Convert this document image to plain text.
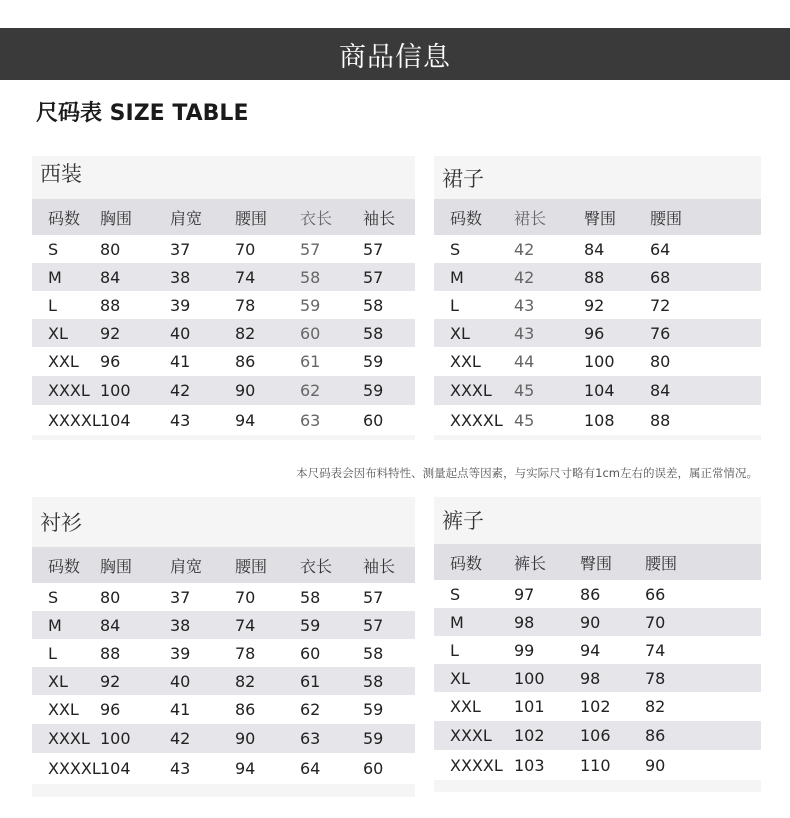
商品信息
尺码表 SIZE TABLE
西装
码数	胸围	肩宽	腰围	衣长	袖长
S	80	37	70	57	57
M	84	38	74	58	57
L	88	39	78	59	58
XL	92	40	82	60	58
XXL	96	41	86	61	59
XXXL	100	42	90	62	59
XXXXL	104	43	94	63	60
裙子
码数	裙长	臀围	腰围
S	42	84	64
M	42	88	68
L	43	92	72
XL	43	96	76
XXL	44	100	80
XXXL	45	104	84
XXXXL	45	108	88
本尺码表会因布料特性、测量起点等因素，与实际尺寸略有1cm左右的误差，属正常情况。
衬衫
码数	胸围	肩宽	腰围	衣长	袖长
S	80	37	70	58	57
M	84	38	74	59	57
L	88	39	78	60	58
XL	92	40	82	61	58
XXL	96	41	86	62	59
XXXL	100	42	90	63	59
XXXXL	104	43	94	64	60
裤子
码数	裤长	臀围	腰围
S	97	86	66
M	98	90	70
L	99	94	74
XL	100	98	78
XXL	101	102	82
XXXL	102	106	86
XXXXL	103	110	90
